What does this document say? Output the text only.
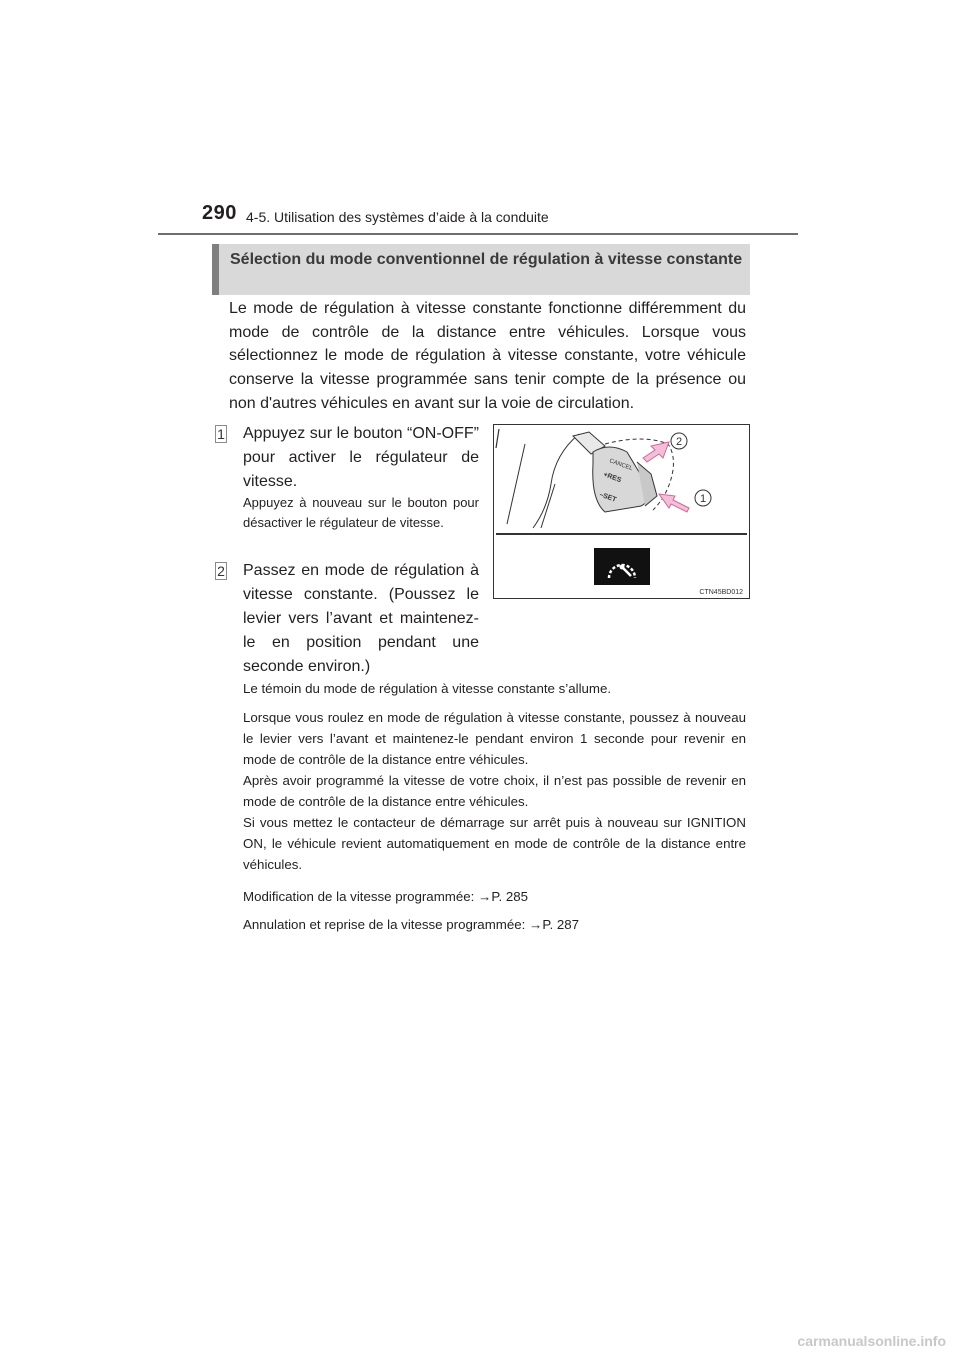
290 4-5. Utilisation des systèmes d’aide à la conduite
Sélection du mode conventionnel de régulation à vitesse constante
Le mode de régulation à vitesse constante fonctionne différemment du mode de contrôle de la distance entre véhicules. Lorsque vous sélectionnez le mode de régulation à vitesse constante, votre véhicule conserve la vitesse programmée sans tenir compte de la présence ou non d'autres véhicules en avant sur la voie de circulation.
1 Appuyez sur le bouton “ON-OFF” pour activer le régulateur de vitesse.
Appuyez à nouveau sur le bouton pour désactiver le régulateur de vitesse.
2 Passez en mode de régulation à vitesse constante. (Poussez le levier vers l’avant et maintenez-le en position pendant une seconde environ.)
Le témoin du mode de régulation à vitesse constante s’allume.
Lorsque vous roulez en mode de régulation à vitesse constante, poussez à nouveau le levier vers l’avant et maintenez-le pendant environ 1 seconde pour revenir en mode de contrôle de la distance entre véhicules.
Après avoir programmé la vitesse de votre choix, il n’est pas possible de revenir en mode de contrôle de la distance entre véhicules.
Si vous mettez le contacteur de démarrage sur arrêt puis à nouveau sur IGNITION ON, le véhicule revient automatiquement en mode de contrôle de la distance entre véhicules.
Modification de la vitesse programmée: →P. 285
Annulation et reprise de la vitesse programmée: →P. 287
CANCEL
+RES
–SET
2
1
CTN45BD012
carmanualsonline.info
